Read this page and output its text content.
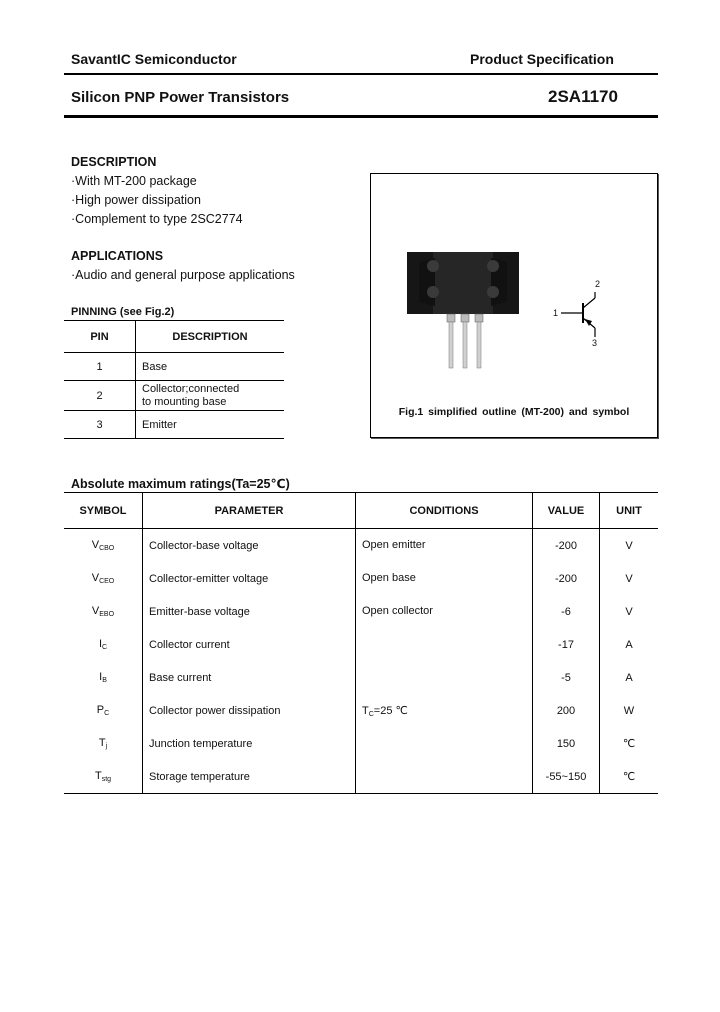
SavantIC Semiconductor	Product Specification
Silicon PNP Power Transistors	2SA1170
DESCRIPTION
·With MT-200 package
·High power dissipation
·Complement to type 2SC2774
APPLICATIONS
·Audio and general purpose applications
PINNING (see Fig.2)
PIN	DESCRIPTION
1	Base
2	Collector;connected to mounting base
3	Emitter
1
2
3
Fig.1 simplified outline (MT-200) and symbol
Absolute maximum ratings(Ta=25℃)
SYMBOL	PARAMETER	CONDITIONS	VALUE	UNIT
$V_{CBO}$	Collector-base voltage	Open emitter	-200	V
$V_{CEO}$	Collector-emitter voltage	Open base	-200	V
$V_{EBO}$	Emitter-base voltage	Open collector	-6	V
$I_C$	Collector current		-17	A
$I_B$	Base current		-5	A
$P_C$	Collector power dissipation	$T_C=25$ ℃	200	W
$T_j$	Junction temperature		150	℃
$T_{stg}$	Storage temperature		-55~150	℃
